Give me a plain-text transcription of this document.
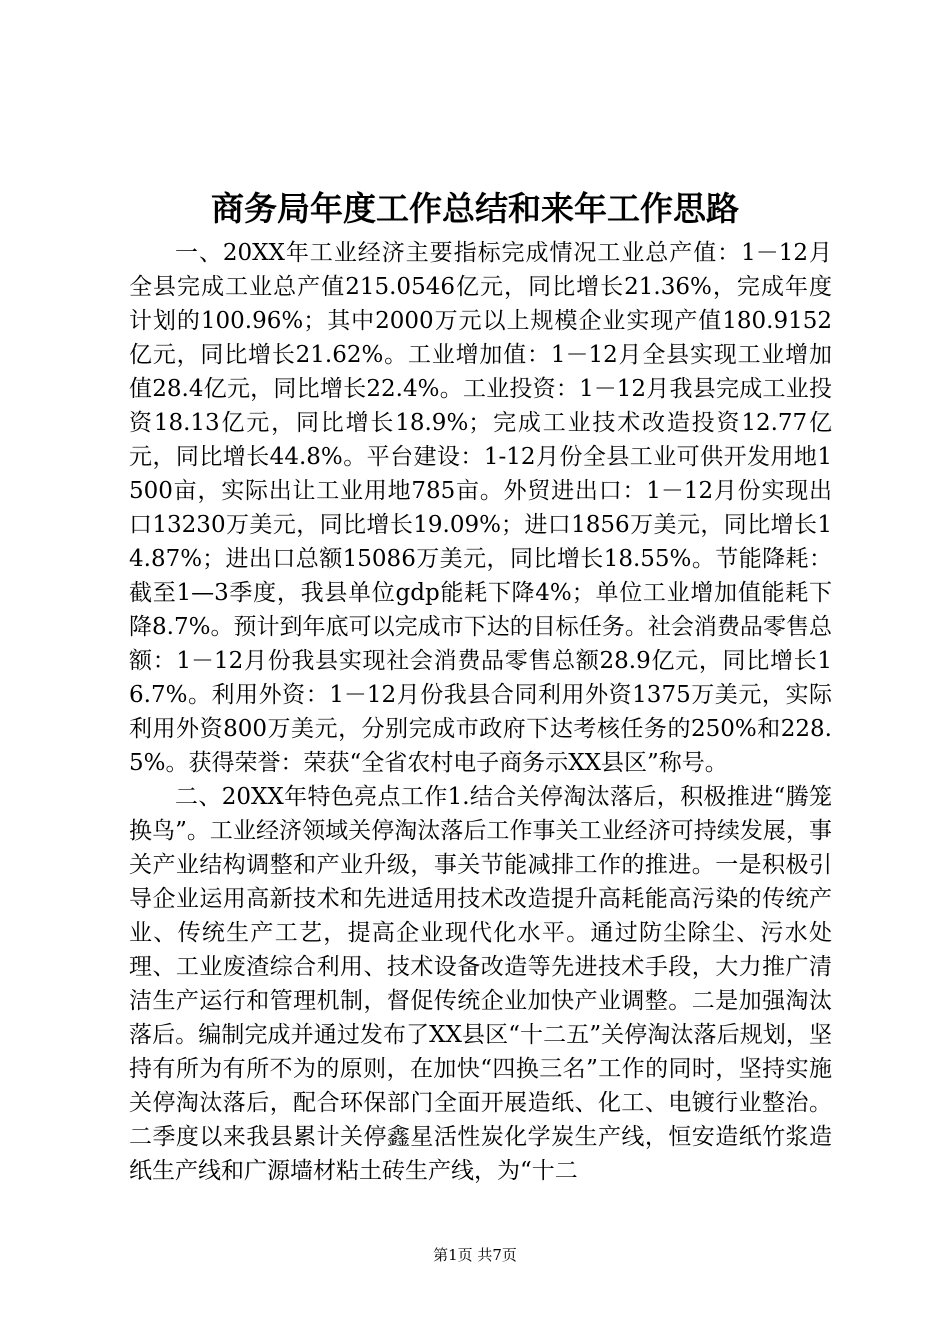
商务局年度工作总结和来年工作思路

一、20XX年工业经济主要指标完成情况工业总产值：1－12月全县完成工业总产值215.0546亿元，同比增长21.36%，完成年度计划的100.96%；其中2000万元以上规模企业实现产值180.9152亿元，同比增长21.62%。工业增加值：1－12月全县实现工业增加值28.4亿元，同比增长22.4%。工业投资：1－12月我县完成工业投资18.13亿元，同比增长18.9%；完成工业技术改造投资12.77亿元，同比增长44.8%。平台建设：1-12月份全县工业可供开发用地1500亩，实际出让工业用地785亩。外贸进出口：1－12月份实现出口13230万美元，同比增长19.09%；进口1856万美元，同比增长14.87%；进出口总额15086万美元，同比增长18.55%。节能降耗：截至1—3季度，我县单位gdp能耗下降4%；单位工业增加值能耗下降8.7%。预计到年底可以完成市下达的目标任务。社会消费品零售总额：1－12月份我县实现社会消费品零售总额28.9亿元，同比增长16.7%。利用外资：1－12月份我县合同利用外资1375万美元，实际利用外资800万美元，分别完成市政府下达考核任务的250%和228.5%。获得荣誉：荣获“全省农村电子商务示XX县区”称号。

二、20XX年特色亮点工作1.结合关停淘汰落后，积极推进“腾笼换鸟”。工业经济领域关停淘汰落后工作事关工业经济可持续发展，事关产业结构调整和产业升级，事关节能减排工作的推进。一是积极引导企业运用高新技术和先进适用技术改造提升高耗能高污染的传统产业、传统生产工艺，提高企业现代化水平。通过防尘除尘、污水处理、工业废渣综合利用、技术设备改造等先进技术手段，大力推广清洁生产运行和管理机制，督促传统企业加快产业调整。二是加强淘汰落后。编制完成并通过发布了XX县区“十二五”关停淘汰落后规划，坚持有所为有所不为的原则，在加快“四换三名”工作的同时，坚持实施关停淘汰落后，配合环保部门全面开展造纸、化工、电镀行业整治。二季度以来我县累计关停鑫星活性炭化学炭生产线，恒安造纸竹浆造纸生产线和广源墙材粘土砖生产线，为“十二

第1页 共7页
